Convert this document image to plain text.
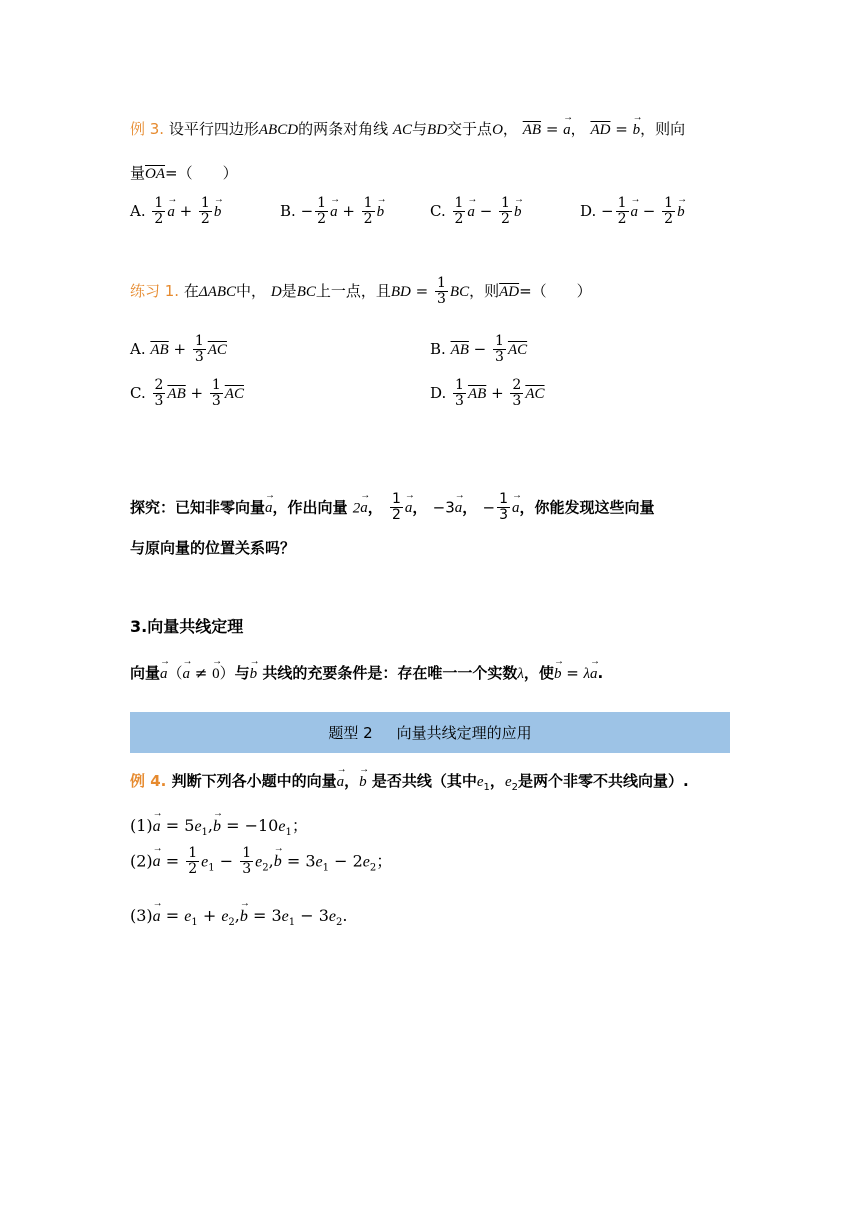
例 3. 设平行四边形ABCD的两条对角线 AC与BD交于点O， $\overline{AB}$ = → a， $\overline{AD}$ = → b，则向
量$\overline{OA}=$（　　）
A. $\frac{1}{2} \to a + \frac{1}{2} \to b$	B. − $\frac{1}{2} \to a + \frac{1}{2} \to b$	C. $\frac{1}{2} \to a - \frac{1}{2} \to b$	D. − $\frac{1}{2} \to a - \frac{1}{2} \to b$
练习 1. 在ΔABC中， D是BC上一点，且BD = $\frac{1}{3}$ BC，则$\overline{AD}=$（　　）
A. $\overline{AB} + \frac{1}{3} \overline{AC}$	B. $\overline{AB} - \frac{1}{3} \overline{AC}$
C. $\frac{2}{3} \overline{AB} + \frac{1}{3} \overline{AC}$	D. $\frac{1}{3} \overline{AB} + \frac{2}{3} \overline{AC}$
探究：已知非零向量→ a，作出向量 2→ a， $\frac{1}{2} \to a$， −3→ a， − $\frac{1}{3} \to a$，你能发现这些向量
与原向量的位置关系吗？
3.向量共线定理
向量→ a（→ a ≠ → 0）与→ b 共线的充要条件是：存在唯一一个实数λ，使→ b = λ→ a.
题型 2 向量共线定理的应用
例 4. 判断下列各小题中的向量→ a，→ b 是否共线（其中$e_1$，$e_2$是两个非零不共线向量）.
$(1)\to a = 5e_1,\to b = -10e_1$；
$(2)\to a = \frac{1}{2} e_1 - \frac{1}{3} e_2,\to b = 3e_1 - 2e_2$；
$(3)\to a = e_1 + e_2,\to b = 3e_1 - 3e_2$.
